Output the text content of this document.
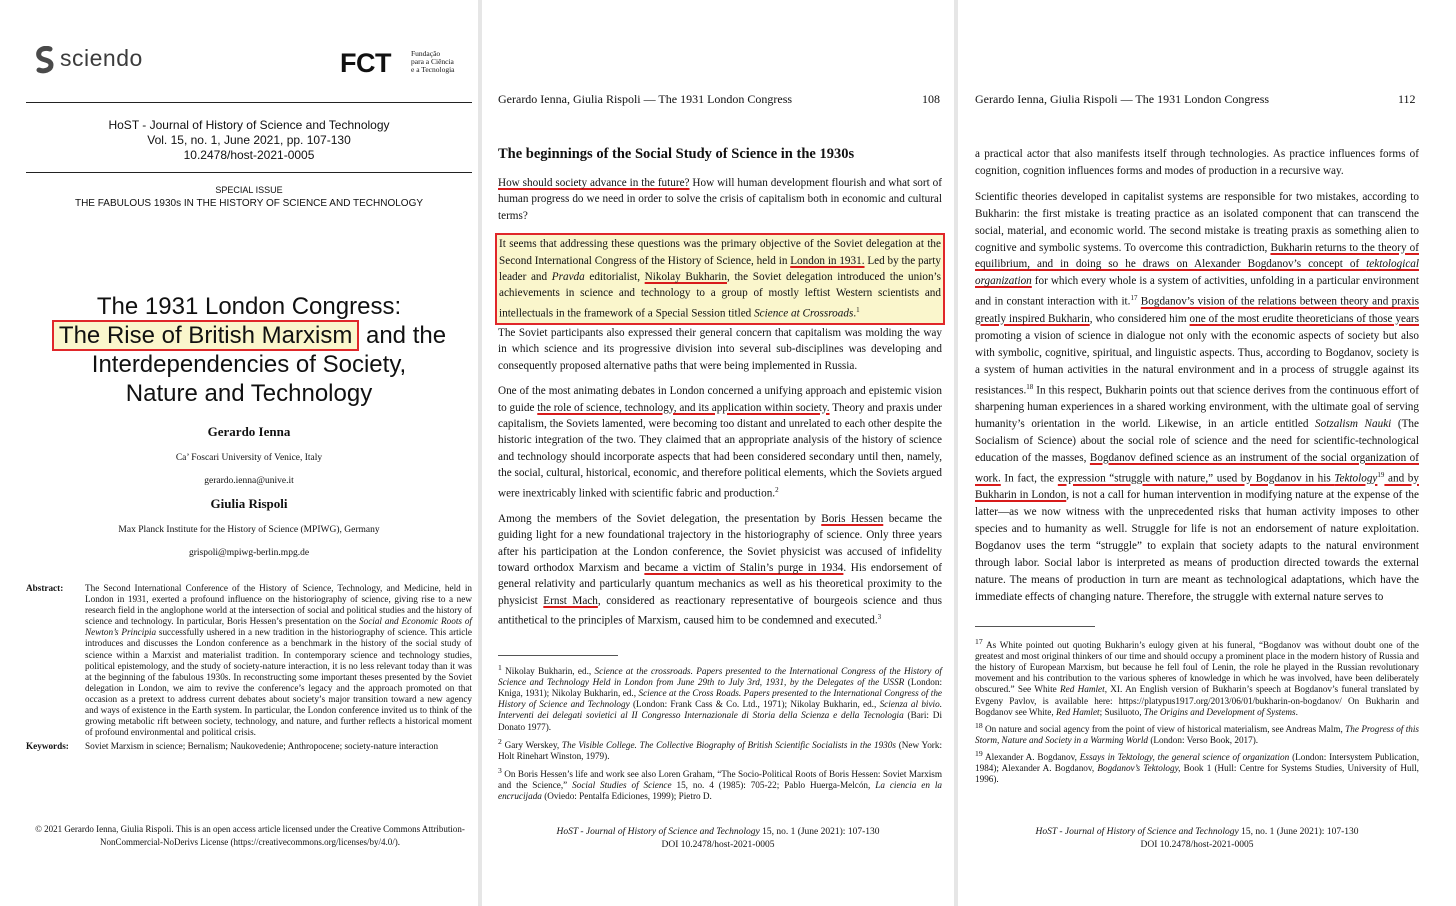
sciendo	FCT	Fundação
para a Ciência
e a Tecnologia
HoST - Journal of History of Science and Technology
Vol. 15, no. 1, June 2021, pp. 107-130
10.2478/host-2021-0005
SPECIAL ISSUE
THE FABULOUS 1930s IN THE HISTORY OF SCIENCE AND TECHNOLOGY
The 1931 London Congress:
The Rise of British Marxism and the
Interdependencies of Society,
Nature and Technology
Gerardo Ienna
Ca’ Foscari University of Venice, Italy
gerardo.ienna@unive.it
Giulia Rispoli
Max Planck Institute for the History of Science (MPIWG), Germany
grispoli@mpiwg-berlin.mpg.de
Abstract: The Second International Conference of the History of Science, Technology, and Medicine, held in London in 1931, exerted a profound influence on the historiography of science, giving rise to a new research field in the anglophone world at the intersection of social and political studies and the history of science and technology. In particular, Boris Hessen’s presentation on the Social and Economic Roots of Newton’s Principia successfully ushered in a new tradition in the historiography of science. This article introduces and discusses the London conference as a benchmark in the history of the social study of science within a Marxist and materialist tradition. In contemporary science and technology studies, political epistemology, and the study of society-nature interaction, it is no less relevant today than it was at the beginning of the fabulous 1930s. In reconstructing some important theses presented by the Soviet delegation in London, we aim to revive the conference’s legacy and the approach promoted on that occasion as a pretext to address current debates about society’s major transition toward a new agency and ways of existence in the Earth system. In particular, the London conference invited us to think of the growing metabolic rift between society, technology, and nature, and further reflects a historical moment of profound environmental and political crisis.

Keywords: Soviet Marxism in science; Bernalism; Naukovedenie; Anthropocene; society-nature interaction

© 2021 Gerardo Ienna, Giulia Rispoli. This is an open access article licensed under the Creative Commons Attribution-NonCommercial-NoDerivs License (https://creativecommons.org/licenses/by/4.0/).
Gerardo Ienna, Giulia Rispoli — The 1931 London Congress	108
The beginnings of the Social Study of Science in the 1930s

How should society advance in the future? How will human development flourish and what sort of human progress do we need in order to solve the crisis of capitalism both in economic and cultural terms?

It seems that addressing these questions was the primary objective of the Soviet delegation at the Second International Congress of the History of Science, held in London in 1931. Led by the party leader and Pravda editorialist, Nikolay Bukharin, the Soviet delegation introduced the union’s achievements in science and technology to a group of mostly leftist Western scientists and intellectuals in the framework of a Special Session titled Science at Crossroads.$^1$

The Soviet participants also expressed their general concern that capitalism was molding the way in which science and its progressive division into several sub-disciplines was developing and consequently proposed alternative paths that were being implemented in Russia.

One of the most animating debates in London concerned a unifying approach and epistemic vision to guide the role of science, technology, and its application within society. Theory and praxis under capitalism, the Soviets lamented, were becoming too distant and unrelated to each other despite the historic integration of the two. They claimed that an appropriate analysis of the history of science and technology should incorporate aspects that had been considered secondary until then, namely, the social, cultural, historical, economic, and therefore political elements, which the Soviets argued were inextricably linked with scientific fabric and production.$^2$

Among the members of the Soviet delegation, the presentation by Boris Hessen became the guiding light for a new foundational trajectory in the historiography of science. Only three years after his participation at the London conference, the Soviet physicist was accused of infidelity toward orthodox Marxism and became a victim of Stalin’s purge in 1934. His endorsement of general relativity and particularly quantum mechanics as well as his theoretical proximity to the physicist Ernst Mach, considered as reactionary representative of bourgeois science and thus antithetical to the principles of Marxism, caused him to be condemned and executed.$^3$

$^1$ Nikolay Bukharin, ed., Science at the crossroads. Papers presented to the International Congress of the History of Science and Technology Held in London from June 29th to July 3rd, 1931, by the Delegates of the USSR (London: Kniga, 1931); Nikolay Bukharin, ed., Science at the Cross Roads. Papers presented to the International Congress of the History of Science and Technology (London: Frank Cass & Co. Ltd., 1971); Nikolay Bukharin, ed., Scienza al bivio. Interventi dei delegati sovietici al II Congresso Internazionale di Storia della Scienza e della Tecnologia (Bari: Di Donato 1977).

$^2$ Gary Werskey, The Visible College. The Collective Biography of British Scientific Socialists in the 1930s (New York: Holt Rinehart Winston, 1979).

$^3$ On Boris Hessen’s life and work see also Loren Graham, “The Socio-Political Roots of Boris Hessen: Soviet Marxism and the Science,” Social Studies of Science 15, no. 4 (1985): 705-22; Pablo Huerga-Melcón, La ciencia en la encrucijada (Oviedo: Pentalfa Ediciones, 1999); Pietro D.

HoST - Journal of History of Science and Technology 15, no. 1 (June 2021): 107-130
DOI 10.2478/host-2021-0005
Gerardo Ienna, Giulia Rispoli — The 1931 London Congress	112

a practical actor that also manifests itself through technologies. As practice influences forms of cognition, cognition influences forms and modes of production in a recursive way.

Scientific theories developed in capitalist systems are responsible for two mistakes, according to Bukharin: the first mistake is treating practice as an isolated component that can transcend the social, material, and economic world. The second mistake is treating praxis as something alien to cognitive and symbolic systems. To overcome this contradiction, Bukharin returns to the theory of equilibrium, and in doing so he draws on Alexander Bogdanov’s concept of tektological organization for which every whole is a system of activities, unfolding in a particular environment and in constant interaction with it.$^{17}$ Bogdanov’s vision of the relations between theory and praxis greatly inspired Bukharin, who considered him one of the most erudite theoreticians of those years promoting a vision of science in dialogue not only with the economic aspects of society but also with symbolic, cognitive, spiritual, and linguistic aspects. Thus, according to Bogdanov, society is a system of human activities in the natural environment and in a process of struggle against its resistances.$^{18}$ In this respect, Bukharin points out that science derives from the continuous effort of sharpening human experiences in a shared working environment, with the ultimate goal of serving humanity’s orientation in the world. Likewise, in an article entitled Sotzalism Nauki (The Socialism of Science) about the social role of science and the need for scientific-technological education of the masses, Bogdanov defined science as an instrument of the social organization of work. In fact, the expression “struggle with nature,” used by Bogdanov in his Tektology$^{19}$ and by Bukharin in London, is not a call for human intervention in modifying nature at the expense of the latter—as we now witness with the unprecedented risks that human activity imposes to other species and to humanity as well. Struggle for life is not an endorsement of nature exploitation. Bogdanov uses the term “struggle” to explain that society adapts to the natural environment through labor. Social labor is interpreted as means of production directed towards the external nature. The means of production in turn are meant as technological adaptations, which have the immediate effects of changing nature. Therefore, the struggle with external nature serves to

$^{17}$ As White pointed out quoting Bukharin’s eulogy given at his funeral, “Bogdanov was without doubt one of the greatest and most original thinkers of our time and should occupy a prominent place in the modern history of Russia and the history of European Marxism, but because he fell foul of Lenin, the role he played in the Russian revolutionary movement and his contribution to the various spheres of knowledge in which he was involved, have been deliberately obscured.” See White Red Hamlet, XI. An English version of Bukharin’s speech at Bogdanov’s funeral translated by Evgeny Pavlov, is available here: https://platypus1917.org/2013/06/01/bukharin-on-bogdanov/ On Bukharin and Bogdanov see White, Red Hamlet; Susiluoto, The Origins and Development of Systems.

$^{18}$ On nature and social agency from the point of view of historical materialism, see Andreas Malm, The Progress of this Storm, Nature and Society in a Warming World (London: Verso Book, 2017).

$^{19}$ Alexander A. Bogdanov, Essays in Tektology, the general science of organization (London: Intersystem Publication, 1984); Alexander A. Bogdanov, Bogdanov’s Tektology, Book 1 (Hull: Centre for Systems Studies, University of Hull, 1996).

HoST - Journal of History of Science and Technology 15, no. 1 (June 2021): 107-130
DOI 10.2478/host-2021-0005
